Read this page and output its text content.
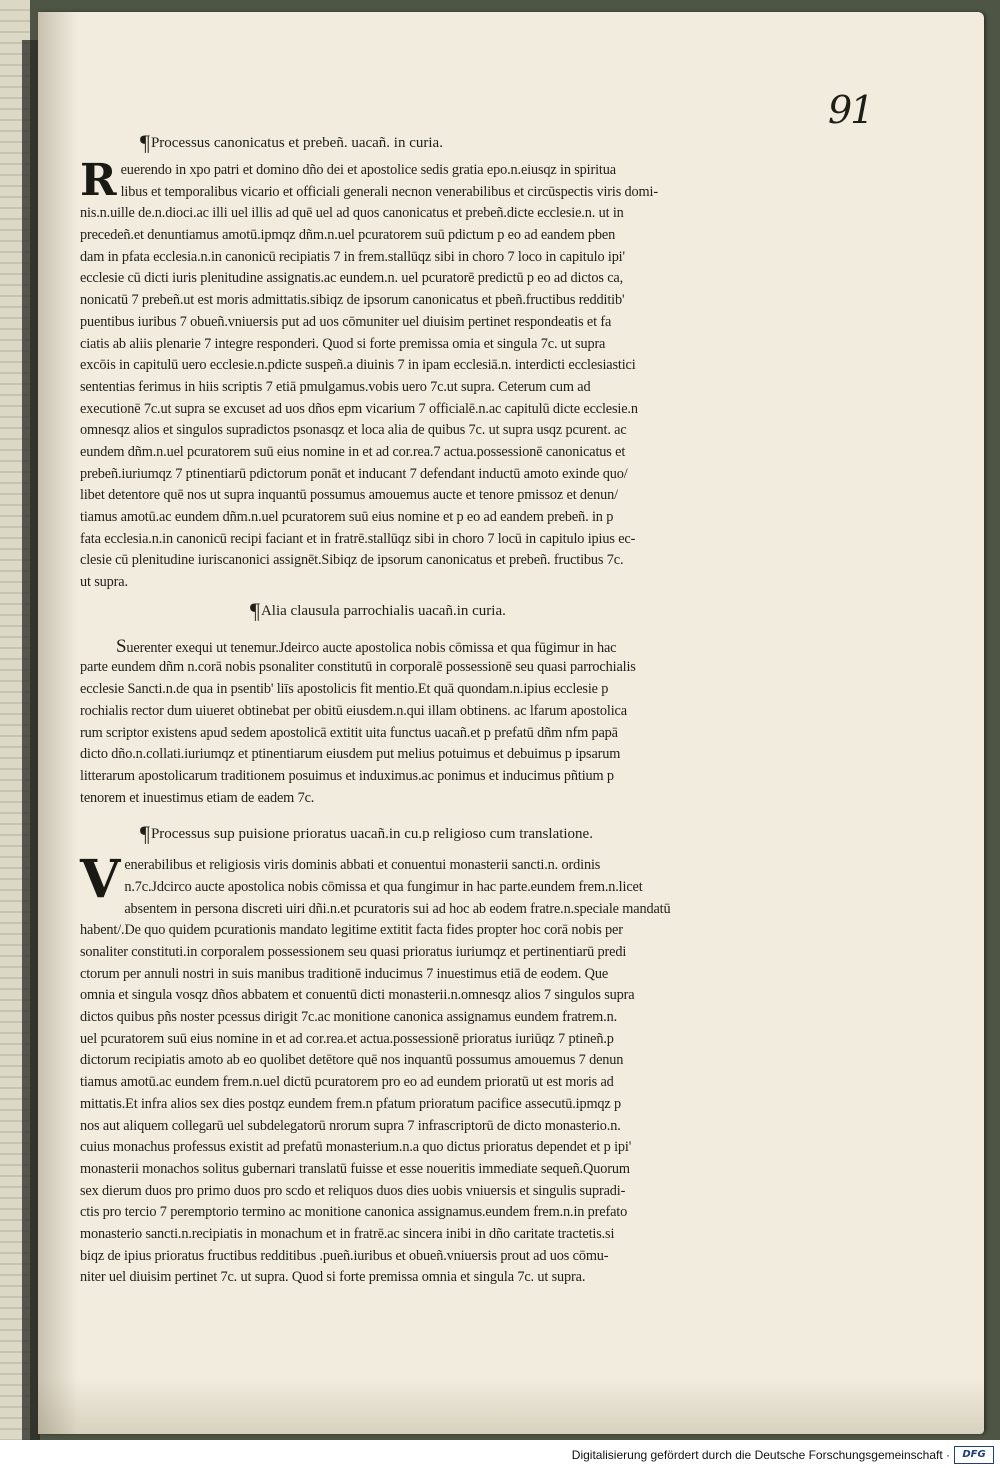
91
¶Processus canonicatus et prebeñ. uacañ. in curia.
R euerendo in xpo patri et domino dño dei et apostolice sedis gratia epo.n.eiusqz in spiritua
libus et temporalibus vicario et officiali generali necnon venerabilibus et circūspectis viris domi-
nis.n.uille de.n.dioci.ac illi uel illis ad quē uel ad quos canonicatus et prebeñ.dicte ecclesie.n. ut in
precedeñ.et denuntiamus amotū.ipmqz dñm.n.uel pcuratorem suū pdictum p eo ad eandem pben
dam in pfata ecclesia.n.in canonicū recipiatis 7 in frem.stallūqz sibi in choro 7 loco in capitulo ipi'
ecclesie cū dicti iuris plenitudine assignatis.ac eundem.n. uel pcuratorē predictū p eo ad dictos ca,
nonicatū 7 prebeñ.ut est moris admittatis.sibiqz de ipsorum canonicatus et pbeñ.fructibus redditib'
puentibus iuribus 7 obueñ.vniuersis put ad uos cōmuniter uel diuisim pertinet respondeatis et fa
ciatis ab aliis plenarie 7 integre responderi. Quod si forte premissa omia et singula 7c. ut supra
excōis in capitulū uero ecclesie.n.pdicte suspeñ.a diuinis 7 in ipam ecclesiā.n. interdicti ecclesiastici
sententias ferimus in hiis scriptis 7 etiā pmulgamus.vobis uero 7c.ut supra. Ceterum cum ad
executionē 7c.ut supra se excuset ad uos dños epm vicarium 7 officialē.n.ac capitulū dicte ecclesie.n
omnesqz alios et singulos supradictos psonasqz et loca alia de quibus 7c. ut supra usqz pcurent. ac
eundem dñm.n.uel pcuratorem suū eius nomine in et ad cor.rea.7 actua.possessionē canonicatus et
prebeñ.iuriumqz 7 ptinentiarū pdictorum ponāt et inducant 7 defendant inductū amoto exinde quo/
libet detentore quē nos ut supra inquantū possumus amouemus aucte et tenore pmissoz et denun/
tiamus amotū.ac eundem dñm.n.uel pcuratorem suū eius nomine et p eo ad eandem prebeñ. in p
fata ecclesia.n.in canonicū recipi faciant et in fratrē.stallūqz sibi in choro 7 locū in capitulo ipius ec-
clesie cū plenitudine iuriscanonici assignēt.Sibiqz de ipsorum canonicatus et prebeñ. fructibus 7c.
ut supra.
¶Alia clausula parrochialis uacañ.in curia.
Suerenter exequi ut tenemur.Jdeirco aucte apostolica nobis cōmissa et qua fūgimur in hac
parte eundem dñm n.corā nobis psonaliter constitutū in corporalē possessionē seu quasi parrochialis
ecclesie Sancti.n.de qua in psentib' liīs apostolicis fit mentio.Et quā quondam.n.ipius ecclesie p
rochialis rector dum uiueret obtinebat per obitū eiusdem.n.qui illam obtinens. ac lfarum apostolica
rum scriptor existens apud sedem apostolicā extitit uita functus uacañ.et p prefatū dñm nfm papā
dicto dño.n.collati.iuriumqz et ptinentiarum eiusdem put melius potuimus et debuimus p ipsarum
litterarum apostolicarum traditionem posuimus et induximus.ac ponimus et inducimus pñtium p
tenorem et inuestimus etiam de eadem 7c.
¶Processus sup puisione prioratus uacañ.in cu.p religioso cum translatione.
V enerabilibus et religiosis viris dominis abbati et conuentui monasterii sancti.n. ordinis
n.7c.Jdcirco aucte apostolica nobis cōmissa et qua fungimur in hac parte.eundem frem.n.licet
absentem in persona discreti uiri dñi.n.et pcuratoris sui ad hoc ab eodem fratre.n.speciale mandatū
habent/.De quo quidem pcurationis mandato legitime extitit facta fides propter hoc corā nobis per
sonaliter constituti.in corporalem possessionem seu quasi prioratus iuriumqz et pertinentiarū predi
ctorum per annuli nostri in suis manibus traditionē inducimus 7 inuestimus etiā de eodem. Que
omnia et singula vosqz dños abbatem et conuentū dicti monasterii.n.omnesqz alios 7 singulos supra
dictos quibus pñs noster pcessus dirigit 7c.ac monitione canonica assignamus eundem fratrem.n.
uel pcuratorem suū eius nomine in et ad cor.rea.et actua.possessionē prioratus iuriūqz 7 ptineñ.p
dictorum recipiatis amoto ab eo quolibet detētore quē nos inquantū possumus amouemus 7 denun
tiamus amotū.ac eundem frem.n.uel dictū pcuratorem pro eo ad eundem prioratū ut est moris ad
mittatis.Et infra alios sex dies postqz eundem frem.n pfatum prioratum pacifice assecutū.ipmqz p
nos aut aliquem collegarū uel subdelegatorū nrorum supra 7 infrascriptorū de dicto monasterio.n.
cuius monachus professus existit ad prefatū monasterium.n.a quo dictus prioratus dependet et p ipi'
monasterii monachos solitus gubernari translatū fuisse et esse noueritis immediate sequeñ.Quorum
sex dierum duos pro primo duos pro scdo et reliquos duos dies uobis vniuersis et singulis supradi-
ctis pro tercio 7 peremptorio termino ac monitione canonica assignamus.eundem frem.n.in prefato
monasterio sancti.n.recipiatis in monachum et in fratrē.ac sincera inibi in dño caritate tractetis.si
biqz de ipius prioratus fructibus redditibus .pueñ.iuribus et obueñ.vniuersis prout ad uos cōmu-
niter uel diuisim pertinet 7c. ut supra. Quod si forte premissa omnia et singula 7c. ut supra.
Digitalisierung gefördert durch die Deutsche Forschungsgemeinschaft ·	DFG
